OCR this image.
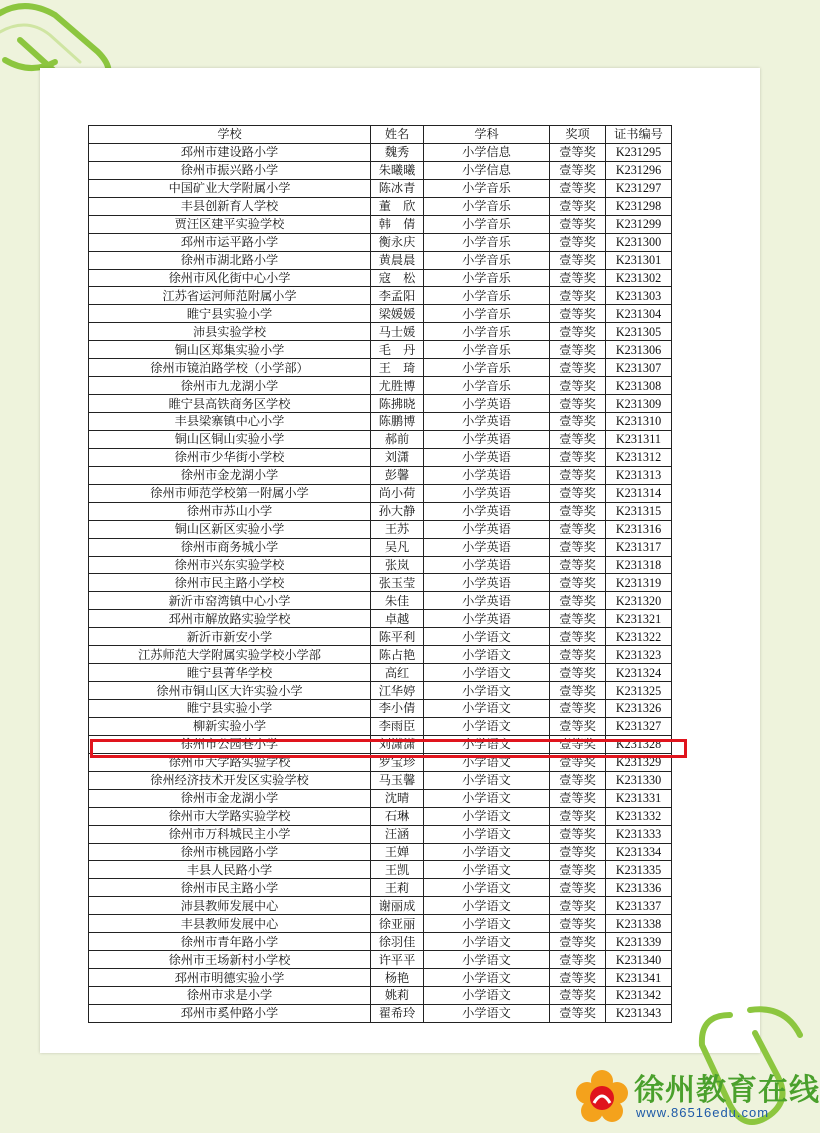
学校	姓名	学科	奖项	证书编号
邳州市建设路小学	魏秀	小学信息	壹等奖	K231295
徐州市振兴路小学	朱曦曦	小学信息	壹等奖	K231296
中国矿业大学附属小学	陈冰青	小学音乐	壹等奖	K231297
丰县创新育人学校	董　欣	小学音乐	壹等奖	K231298
贾汪区建平实验学校	韩　倩	小学音乐	壹等奖	K231299
邳州市运平路小学	衡永庆	小学音乐	壹等奖	K231300
徐州市湖北路小学	黄晨晨	小学音乐	壹等奖	K231301
徐州市风化街中心小学	寇　松	小学音乐	壹等奖	K231302
江苏省运河师范附属小学	李孟阳	小学音乐	壹等奖	K231303
睢宁县实验小学	梁媛媛	小学音乐	壹等奖	K231304
沛县实验学校	马士媛	小学音乐	壹等奖	K231305
铜山区郑集实验小学	毛　丹	小学音乐	壹等奖	K231306
徐州市镜泊路学校（小学部）	王　琦	小学音乐	壹等奖	K231307
徐州市九龙湖小学	尤胜博	小学音乐	壹等奖	K231308
睢宁县高铁商务区学校	陈拂晓	小学英语	壹等奖	K231309
丰县梁寨镇中心小学	陈鹏博	小学英语	壹等奖	K231310
铜山区铜山实验小学	郝前	小学英语	壹等奖	K231311
徐州市少华街小学校	刘潇	小学英语	壹等奖	K231312
徐州市金龙湖小学	彭馨	小学英语	壹等奖	K231313
徐州市师范学校第一附属小学	尚小荷	小学英语	壹等奖	K231314
徐州市苏山小学	孙大静	小学英语	壹等奖	K231315
铜山区新区实验小学	王苏	小学英语	壹等奖	K231316
徐州市商务城小学	吴凡	小学英语	壹等奖	K231317
徐州市兴东实验学校	张岚	小学英语	壹等奖	K231318
徐州市民主路小学校	张玉莹	小学英语	壹等奖	K231319
新沂市窑湾镇中心小学	朱佳	小学英语	壹等奖	K231320
邳州市解放路实验学校	卓越	小学英语	壹等奖	K231321
新沂市新安小学	陈平利	小学语文	壹等奖	K231322
江苏师范大学附属实验学校小学部	陈占艳	小学语文	壹等奖	K231323
睢宁县菁华学校	高红	小学语文	壹等奖	K231324
徐州市铜山区大许实验小学	江华婷	小学语文	壹等奖	K231325
睢宁县实验小学	李小倩	小学语文	壹等奖	K231326
柳新实验小学	李雨臣	小学语文	壹等奖	K231327
徐州市公园巷小学	刘潇潇	小学语文	壹等奖	K231328
徐州市大学路实验学校	罗宝珍	小学语文	壹等奖	K231329
徐州经济技术开发区实验学校	马玉馨	小学语文	壹等奖	K231330
徐州市金龙湖小学	沈晴	小学语文	壹等奖	K231331
徐州市大学路实验学校	石琳	小学语文	壹等奖	K231332
徐州市万科城民主小学	汪涵	小学语文	壹等奖	K231333
徐州市桃园路小学	王婵	小学语文	壹等奖	K231334
丰县人民路小学	王凯	小学语文	壹等奖	K231335
徐州市民主路小学	王莉	小学语文	壹等奖	K231336
沛县教师发展中心	谢丽成	小学语文	壹等奖	K231337
丰县教师发展中心	徐亚丽	小学语文	壹等奖	K231338
徐州市青年路小学	徐羽佳	小学语文	壹等奖	K231339
徐州市王场新村小学校	许平平	小学语文	壹等奖	K231340
邳州市明德实验小学	杨艳	小学语文	壹等奖	K231341
徐州市求是小学	姚莉	小学语文	壹等奖	K231342
邳州市奚仲路小学	翟希玲	小学语文	壹等奖	K231343
徐州教育在线
www.86516edu.com
